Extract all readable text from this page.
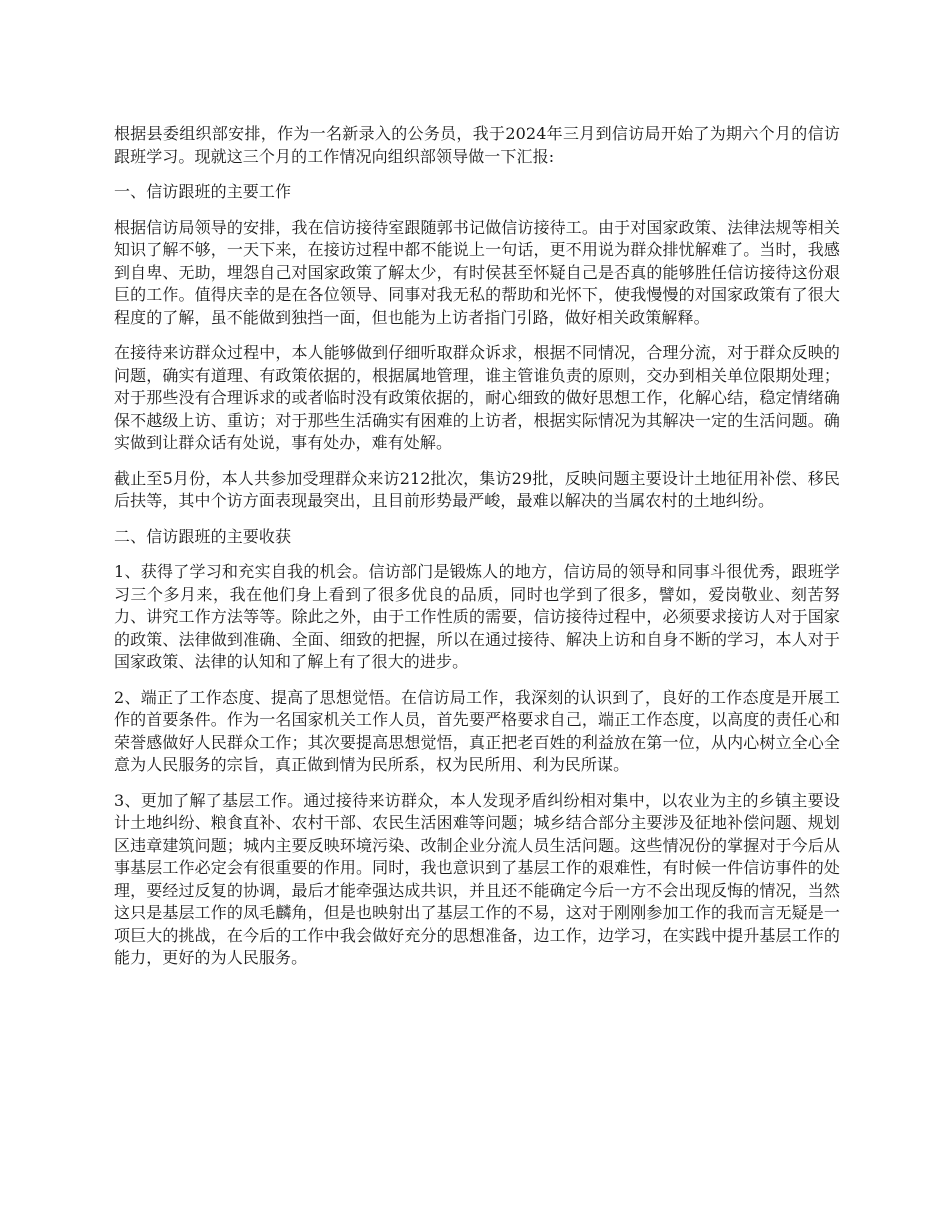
根据县委组织部安排，作为一名新录入的公务员，我于2024年三月到信访局开始了为期六个月的信访跟班学习。现就这三个月的工作情况向组织部领导做一下汇报:

一、信访跟班的主要工作

根据信访局领导的安排，我在信访接待室跟随郭书记做信访接待工。由于对国家政策、法律法规等相关知识了解不够，一天下来，在接访过程中都不能说上一句话，更不用说为群众排忧解难了。当时，我感到自卑、无助，埋怨自己对国家政策了解太少，有时侯甚至怀疑自己是否真的能够胜任信访接待这份艰巨的工作。值得庆幸的是在各位领导、同事对我无私的帮助和光怀下，使我慢慢的对国家政策有了很大程度的了解，虽不能做到独挡一面，但也能为上访者指门引路，做好相关政策解释。

在接待来访群众过程中，本人能够做到仔细听取群众诉求，根据不同情况，合理分流，对于群众反映的问题，确实有道理、有政策依据的，根据属地管理，谁主管谁负责的原则，交办到相关单位限期处理；对于那些没有合理诉求的或者临时没有政策依据的，耐心细致的做好思想工作，化解心结，稳定情绪确保不越级上访、重访；对于那些生活确实有困难的上访者，根据实际情况为其解决一定的生活问题。确实做到让群众话有处说，事有处办，难有处解。

截止至5月份，本人共参加受理群众来访212批次，集访29批，反映问题主要设计土地征用补偿、移民后扶等，其中个访方面表现最突出，且目前形势最严峻，最难以解决的当属农村的土地纠纷。

二、信访跟班的主要收获

1、获得了学习和充实自我的机会。信访部门是锻炼人的地方，信访局的领导和同事斗很优秀，跟班学习三个多月来，我在他们身上看到了很多优良的品质，同时也学到了很多，譬如，爱岗敬业、刻苦努力、讲究工作方法等等。除此之外，由于工作性质的需要，信访接待过程中，必须要求接访人对于国家的政策、法律做到准确、全面、细致的把握，所以在通过接待、解决上访和自身不断的学习，本人对于国家政策、法律的认知和了解上有了很大的进步。

2、端正了工作态度、提高了思想觉悟。在信访局工作，我深刻的认识到了，良好的工作态度是开展工作的首要条件。作为一名国家机关工作人员，首先要严格要求自己，端正工作态度，以高度的责任心和荣誉感做好人民群众工作；其次要提高思想觉悟，真正把老百姓的利益放在第一位，从内心树立全心全意为人民服务的宗旨，真正做到情为民所系，权为民所用、利为民所谋。

3、更加了解了基层工作。通过接待来访群众，本人发现矛盾纠纷相对集中，以农业为主的乡镇主要设计土地纠纷、粮食直补、农村干部、农民生活困难等问题；城乡结合部分主要涉及征地补偿问题、规划区违章建筑问题；城内主要反映环境污染、改制企业分流人员生活问题。这些情况份的掌握对于今后从事基层工作必定会有很重要的作用。同时，我也意识到了基层工作的艰难性，有时候一件信访事件的处理，要经过反复的协调，最后才能牵强达成共识，并且还不能确定今后一方不会出现反悔的情况，当然这只是基层工作的凤毛麟角，但是也映射出了基层工作的不易，这对于刚刚参加工作的我而言无疑是一项巨大的挑战，在今后的工作中我会做好充分的思想准备，边工作，边学习，在实践中提升基层工作的能力，更好的为人民服务。
